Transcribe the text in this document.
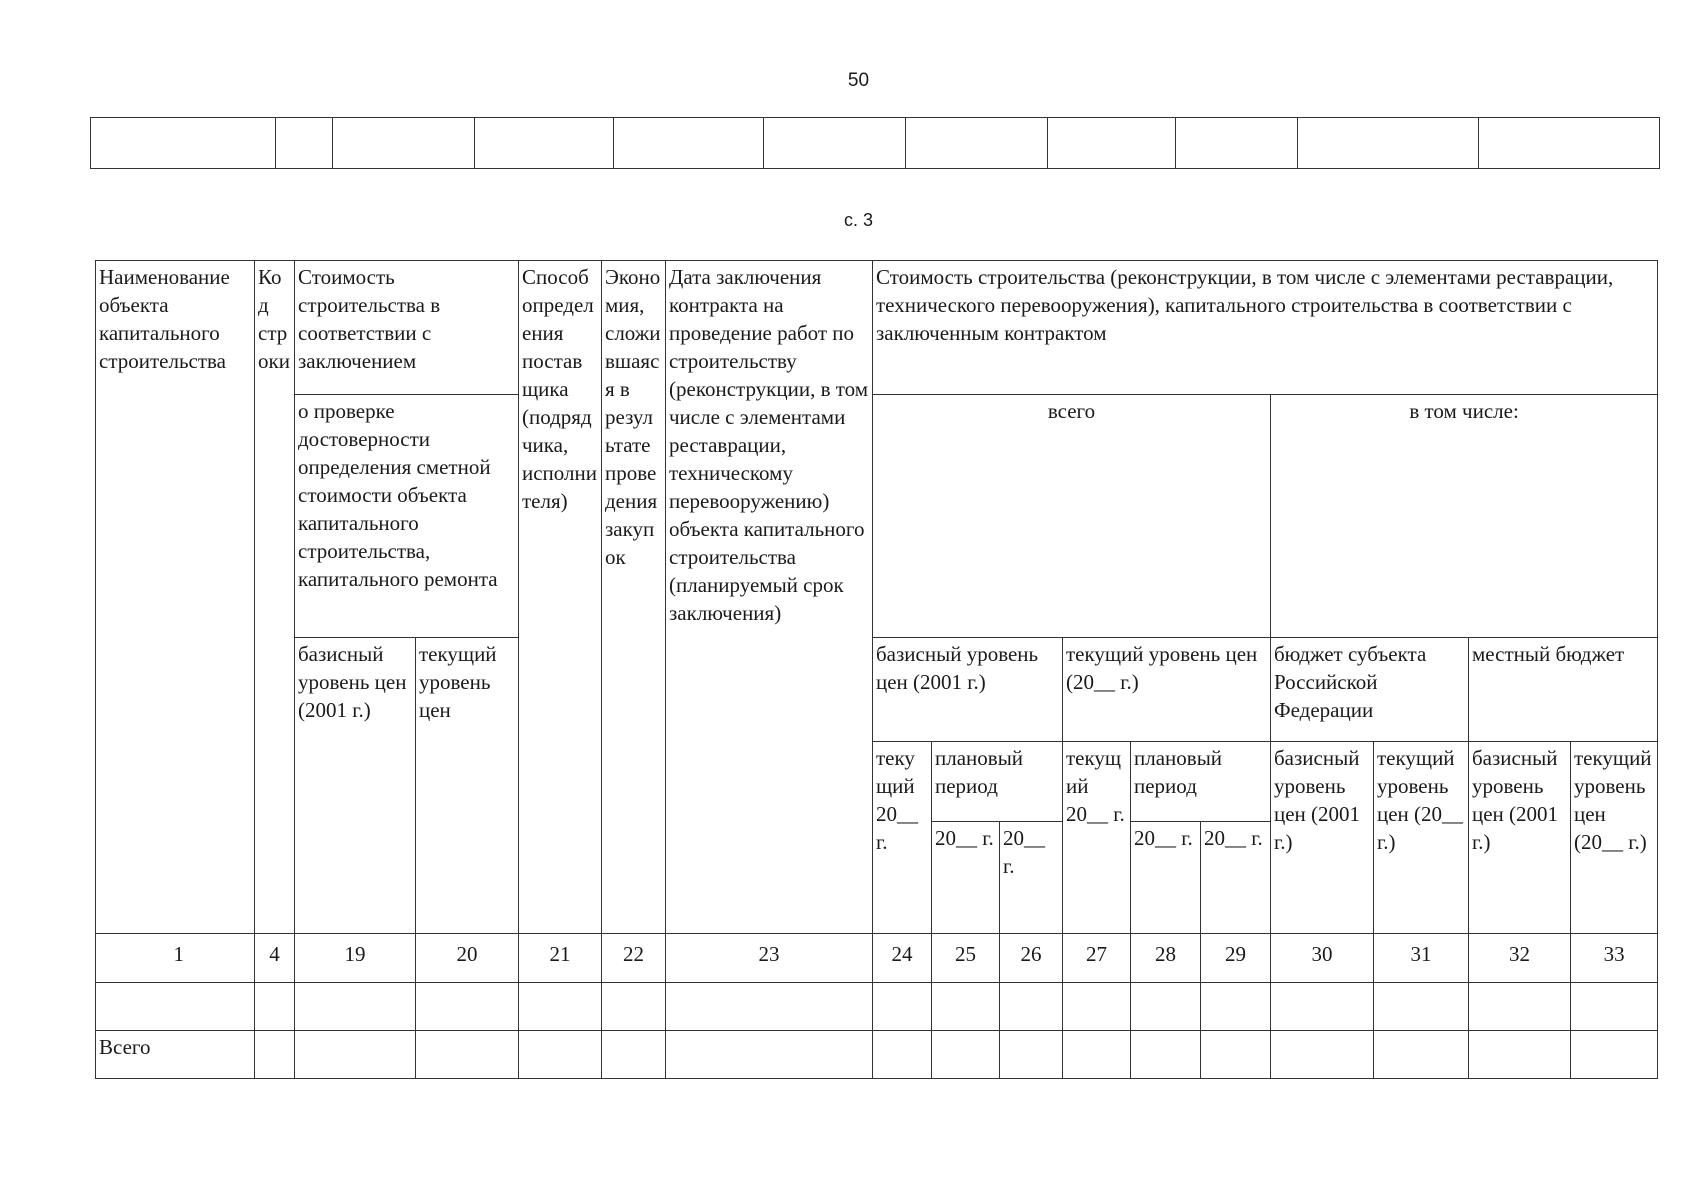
50

с. 3
Наименование объекта капитального строительства	Код строки	Стоимость строительства в соответствии с заключением		Способ определения поставщика (подрядчика, исполнителя)	Экономия, сложившаяся в результате проведения закупок	Дата заключения контракта на проведение работ по строительству (реконструкции, в том числе с элементами реставрации, техническому перевооружению) объекта капитального строительства (планируемый срок заключения)	Стоимость строительства (реконструкции, в том числе с элементами реставрации, технического перевооружения), капитального строительства в соответствии с заключенным контрактом									
		о проверке достоверности определения сметной стоимости объекта капитального строительства, капитального ремонта					всего						в том числе:			
		базисный уровень цен (2001 г.)	текущий уровень цен				базисный уровень цен (2001 г.)			текущий уровень цен (20__ г.)			бюджет субъекта Российской Федерации		местный бюджет	
							текущий 20__ г.	плановый период		текущий 20__ г.	плановый период		базисный уровень цен (2001 г.)	текущий уровень цен (20__ г.)	базисный уровень цен (2001 г.)	текущий уровень цен (20__ г.)
								20__ г.	20__ г.		20__ г.	20__ г.				
1	4	19	20	21	22	23	24	25	26	27	28	29	30	31	32	33

Всего																
